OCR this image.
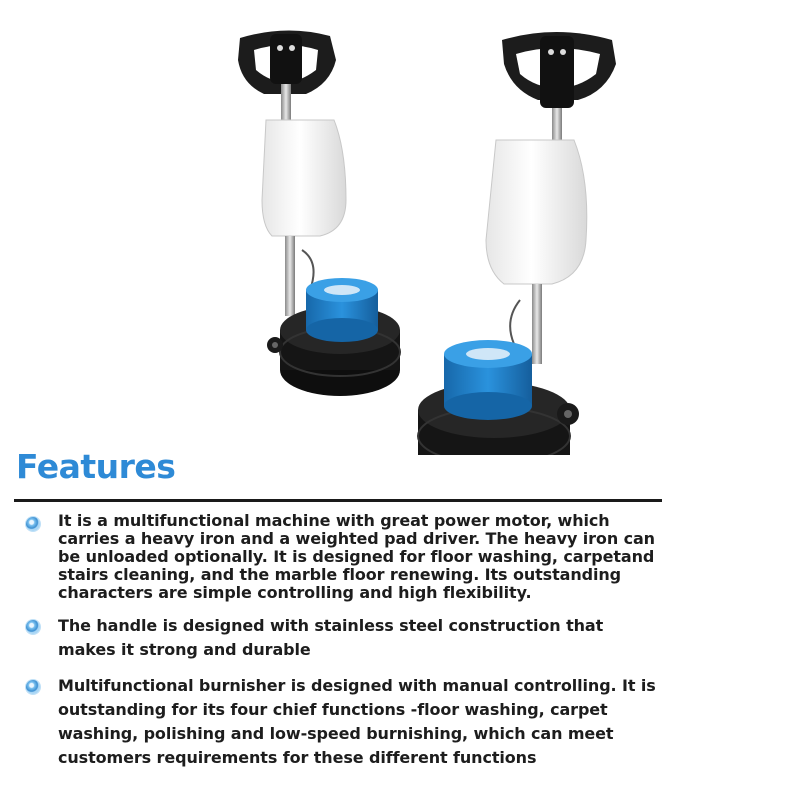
Features
It is a multifunctional machine with great power motor, which carries a heavy iron and a weighted pad driver. The heavy iron can be unloaded optionally. It is designed for floor washing, carpetand stairs cleaning, and the marble floor renewing. Its outstanding characters are simple controlling and high flexibility.
The handle is designed with stainless steel construction that makes it strong and durable
Multifunctional burnisher is designed with manual controlling. It is outstanding for its four chief functions -floor washing, carpet washing, polishing and low-speed burnishing, which can meet customers requirements for these different functions
